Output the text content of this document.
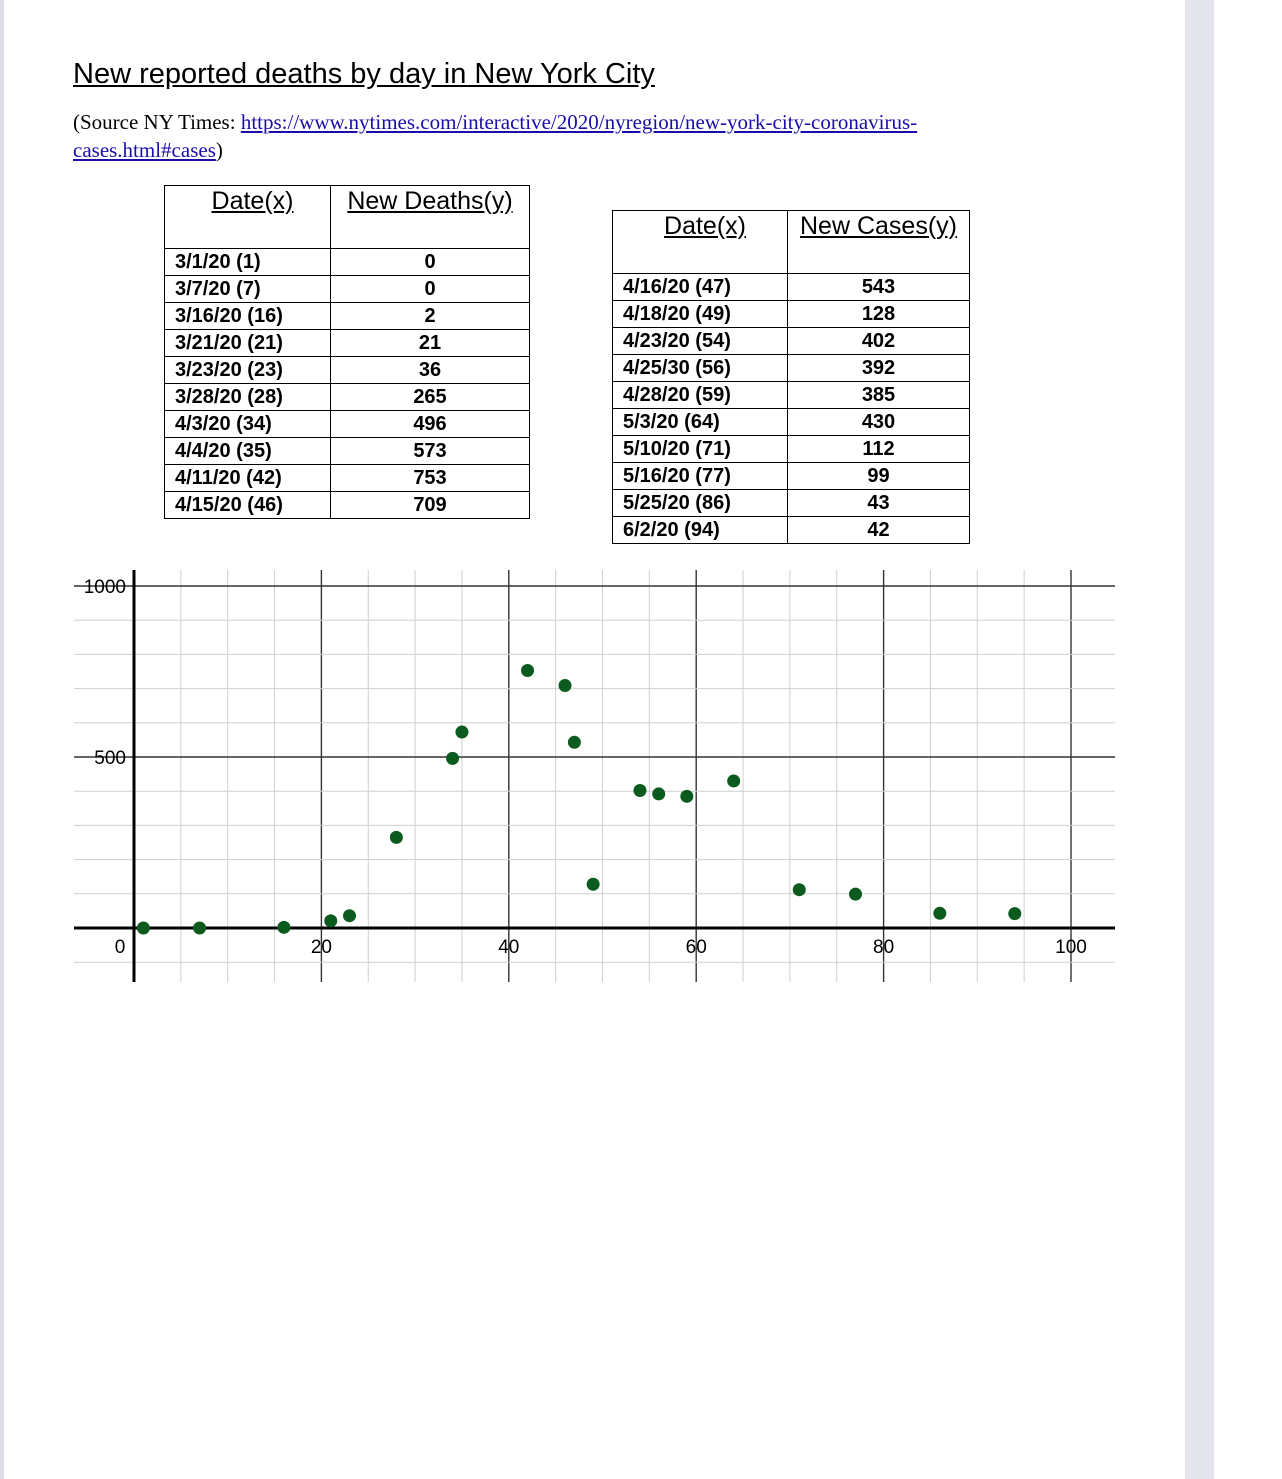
New reported deaths by day in New York City
(Source NY Times: https://www.nytimes.com/interactive/2020/nyregion/new-york-city-coronavirus-
cases.html#cases)
Date(x)	New Deaths(y)
3/1/20 (1)	0
3/7/20 (7)	0
3/16/20 (16)	2
3/21/20 (21)	21
3/23/20 (23)	36
3/28/20 (28)	265
4/3/20 (34)	496
4/4/20 (35)	573
4/11/20 (42)	753
4/15/20 (46)	709
Date(x)	New Cases(y)
4/16/20 (47)	543
4/18/20 (49)	128
4/23/20 (54)	402
4/25/30 (56)	392
4/28/20 (59)	385
5/3/20 (64)	430
5/10/20 (71)	112
5/16/20 (77)	99
5/25/20 (86)	43
6/2/20 (94)	42
0	20	40	60	80	100
500
1000
